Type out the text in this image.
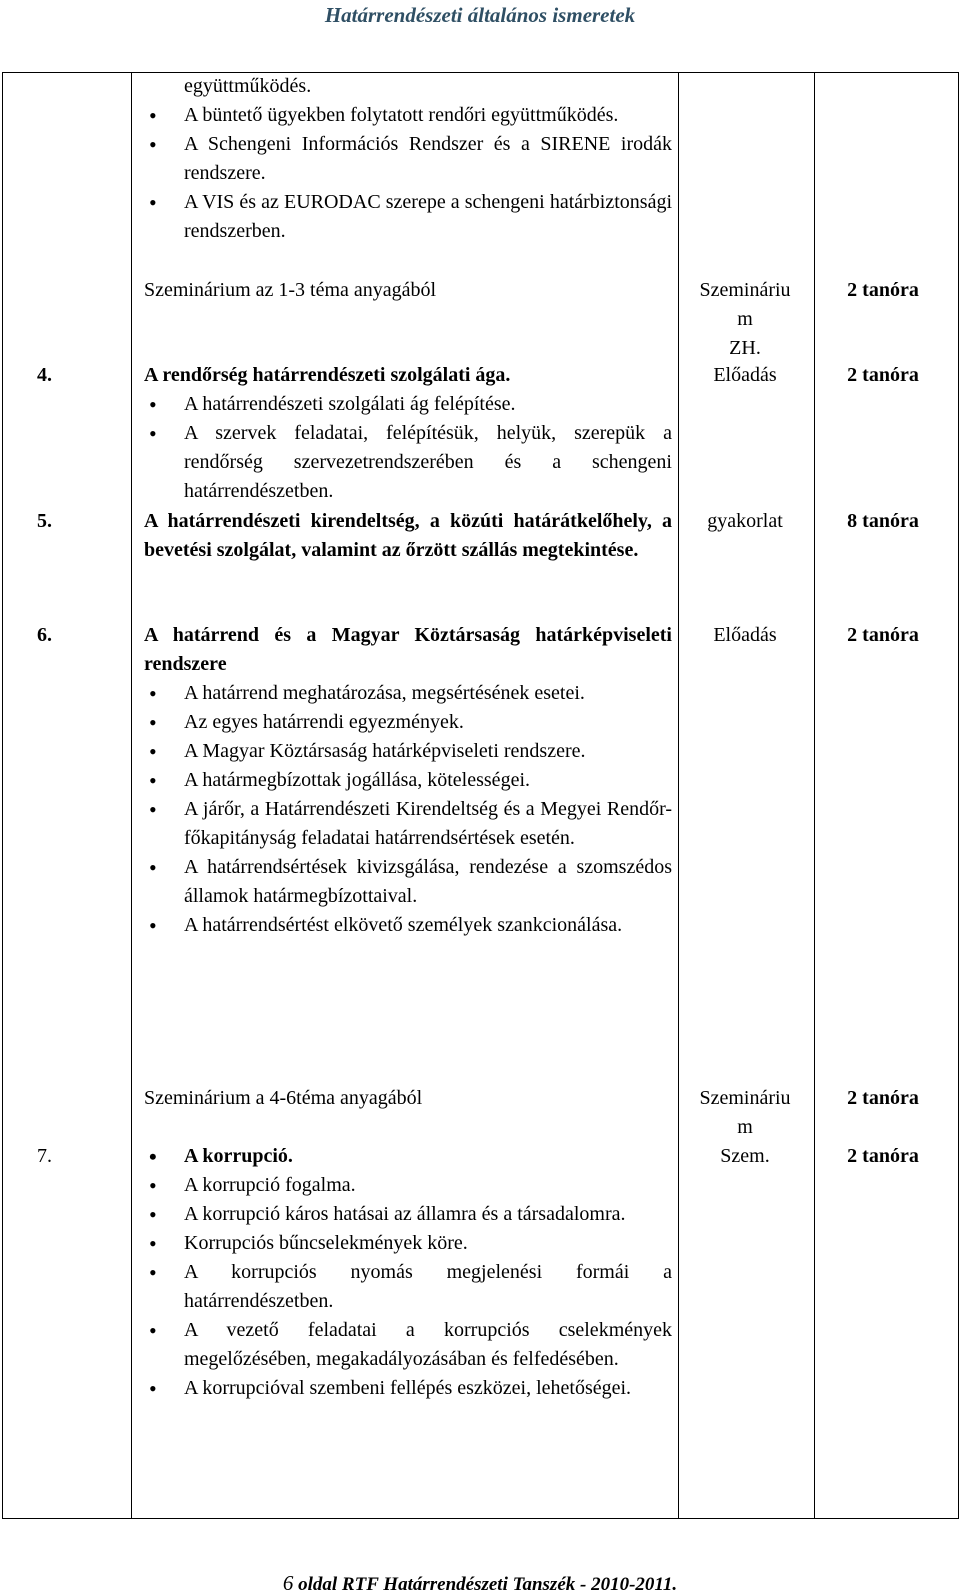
Határrendészeti általános ismeretek
együttműködés.
• A büntető ügyekben folytatott rendőri együttműködés.
• A Schengeni Információs Rendszer és a SIRENE irodák rendszere.
• A VIS és az EURODAC szerepe a schengeni határbiztonsági rendszerben.
Szeminárium az 1-3 téma anyagából	Szemináriu
m
ZH.
2 tanóra
4.	A rendőrség határrendészeti szolgálati ága.
• A határrendészeti szolgálati ág felépítése.
• A szervek feladatai, felépítésük, helyük, szerepük a rendőrség szervezetrendszerében és a schengeni határrendészetben.
Előadás	2 tanóra
5.	A határrendészeti kirendeltség, a közúti határátkelőhely, a bevetési szolgálat, valamint az őrzött szállás megtekintése.
gyakorlat	8 tanóra
6.	A határrend és a Magyar Köztársaság határképviseleti rendszere
• A határrend meghatározása, megsértésének esetei.
• Az egyes határrendi egyezmények.
• A Magyar Köztársaság határképviseleti rendszere.
• A határmegbízottak jogállása, kötelességei.
• A járőr, a Határrendészeti Kirendeltség és a Megyei Rendőr-főkapitányság feladatai határrendsértések esetén.
• A határrendsértések kivizsgálása, rendezése a szomszédos államok határmegbízottaival.
• A határrendsértést elkövető személyek szankcionálása.
Előadás	2 tanóra
Szeminárium a 4-6téma anyagából	Szemináriu
m
2 tanóra
7.
•	A korrupció.
• A korrupció fogalma.
• A korrupció káros hatásai az államra és a társadalomra.
• Korrupciós bűncselekmények köre.
• A korrupciós nyomás megjelenési formái a határrendészetben.
• A vezető feladatai a korrupciós cselekmények megelőzésében, megakadályozásában és felfedésében.
• A korrupcióval szembeni fellépés eszközei, lehetőségei.
Szem.	2 tanóra
6 oldal RTF Határrendészeti Tanszék - 2010-2011.
